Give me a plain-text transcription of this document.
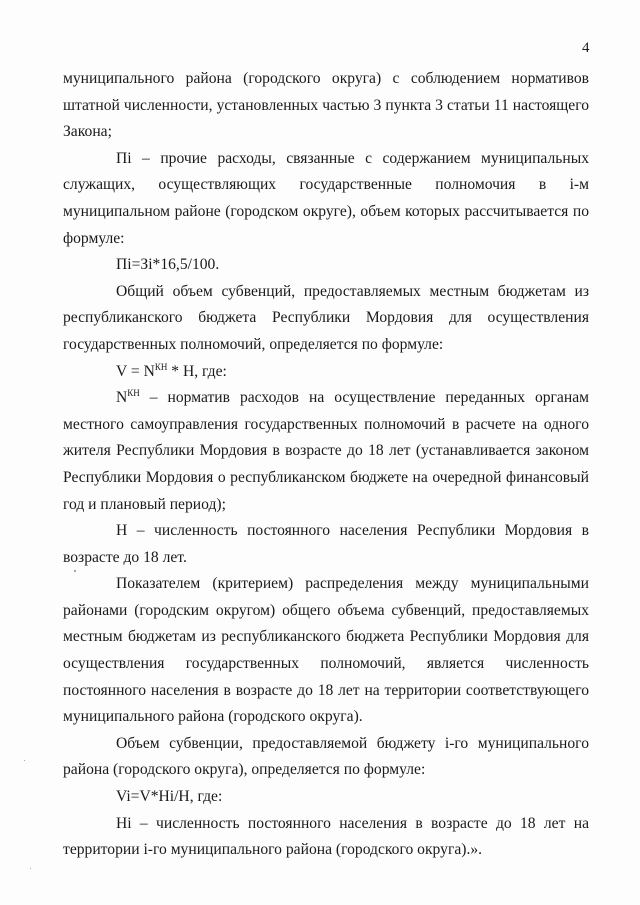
4

муниципального района (городского округа) с соблюдением нормативов штатной численности, установленных частью 3 пункта 3 статьи 11 настоящего Закона;

Пi – прочие расходы, связанные с содержанием муниципальных служащих, осуществляющих государственные полномочия в i-м муниципальном районе (городском округе), объем которых рассчитывается по формуле:

Пi=Зi*16,5/100.

Общий объем субвенций, предоставляемых местным бюджетам из республиканского бюджета Республики Мордовия для осуществления государственных полномочий, определяется по формуле:

$V = N^{КН} * Н$, где:

$N^{КН}$ – норматив расходов на осуществление переданных органам местного самоуправления государственных полномочий в расчете на одного жителя Республики Мордовия в возрасте до 18 лет (устанавливается законом Республики Мордовия о республиканском бюджете на очередной финансовый год и плановый период);

Н – численность постоянного населения Республики Мордовия в возрасте до 18 лет.

Показателем (критерием) распределения между муниципальными районами (городским округом) общего объема субвенций, предоставляемых местным бюджетам из республиканского бюджета Республики Мордовия для осуществления государственных полномочий, является численность постоянного населения в возрасте до 18 лет на территории соответствующего муниципального района (городского округа).

Объем субвенции, предоставляемой бюджету i-го муниципального района (городского округа), определяется по формуле:

Vi=V*Hi/H, где:

Нi – численность постоянного населения в возрасте до 18 лет на территории i-го муниципального района (городского округа).».
